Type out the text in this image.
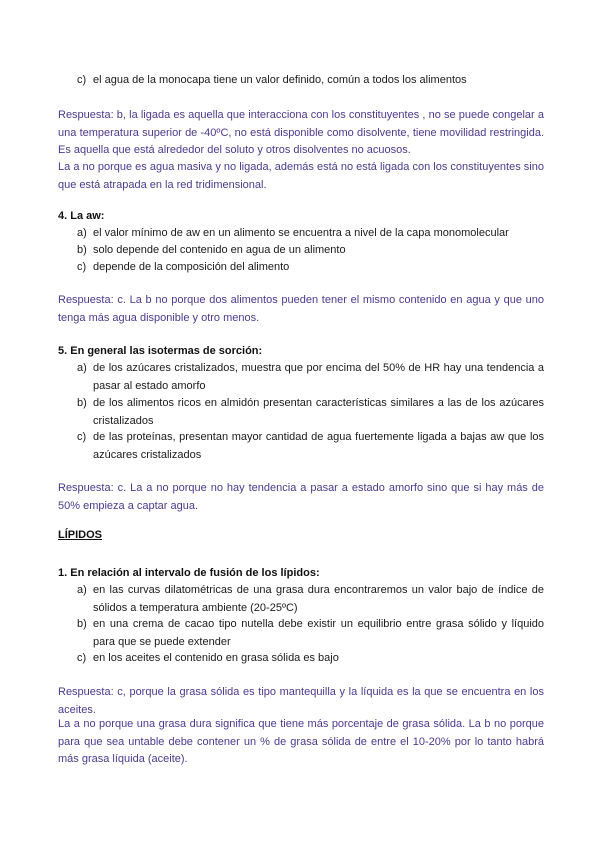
c) el agua de la monocapa tiene un valor definido, común a todos los alimentos
Respuesta: b, la ligada es aquella que interacciona con los constituyentes , no se puede congelar a una temperatura superior de -40ºC, no está disponible como disolvente, tiene movilidad restringida. Es aquella que está alrededor del soluto y otros disolventes no acuosos.
La a no porque es agua masiva y no ligada, además está no está ligada con los constituyentes sino que está atrapada en la red tridimensional.
4. La aw:
a) el valor mínimo de aw en un alimento se encuentra a nivel de la capa monomolecular
b) solo depende del contenido en agua de un alimento
c) depende de la composición del alimento
Respuesta: c. La b no porque dos alimentos pueden tener el mismo contenido en agua y que uno tenga más agua disponible y otro menos.
5. En general las isotermas de sorción:
a) de los azúcares cristalizados, muestra que por encima del 50% de HR hay una tendencia a
pasar al estado amorfo
b) de los alimentos ricos en almidón presentan características similares a las de los azúcares
cristalizados
c) de las proteínas, presentan mayor cantidad de agua fuertemente ligada a bajas aw que los
azúcares cristalizados
Respuesta: c. La a no porque no hay tendencia a pasar a estado amorfo sino que si hay más de 50% empieza a captar agua.
LÍPIDOS
1. En relación al intervalo de fusión de los lípidos:
a) en las curvas dilatométricas de una grasa dura encontraremos un valor bajo de índice de
sólidos a temperatura ambiente (20-25ºC)
b) en una crema de cacao tipo nutella debe existir un equilibrio entre grasa sólido y líquido
para que se puede extender
c) en los aceites el contenido en grasa sólida es bajo
Respuesta: c, porque la grasa sólida es tipo mantequilla y la líquida es la que se encuentra en los aceites.
La a no porque una grasa dura significa que tiene más porcentaje de grasa sólida. La b no porque para que sea untable debe contener un % de grasa sólida de entre el 10-20% por lo tanto habrá más grasa líquida (aceite).
